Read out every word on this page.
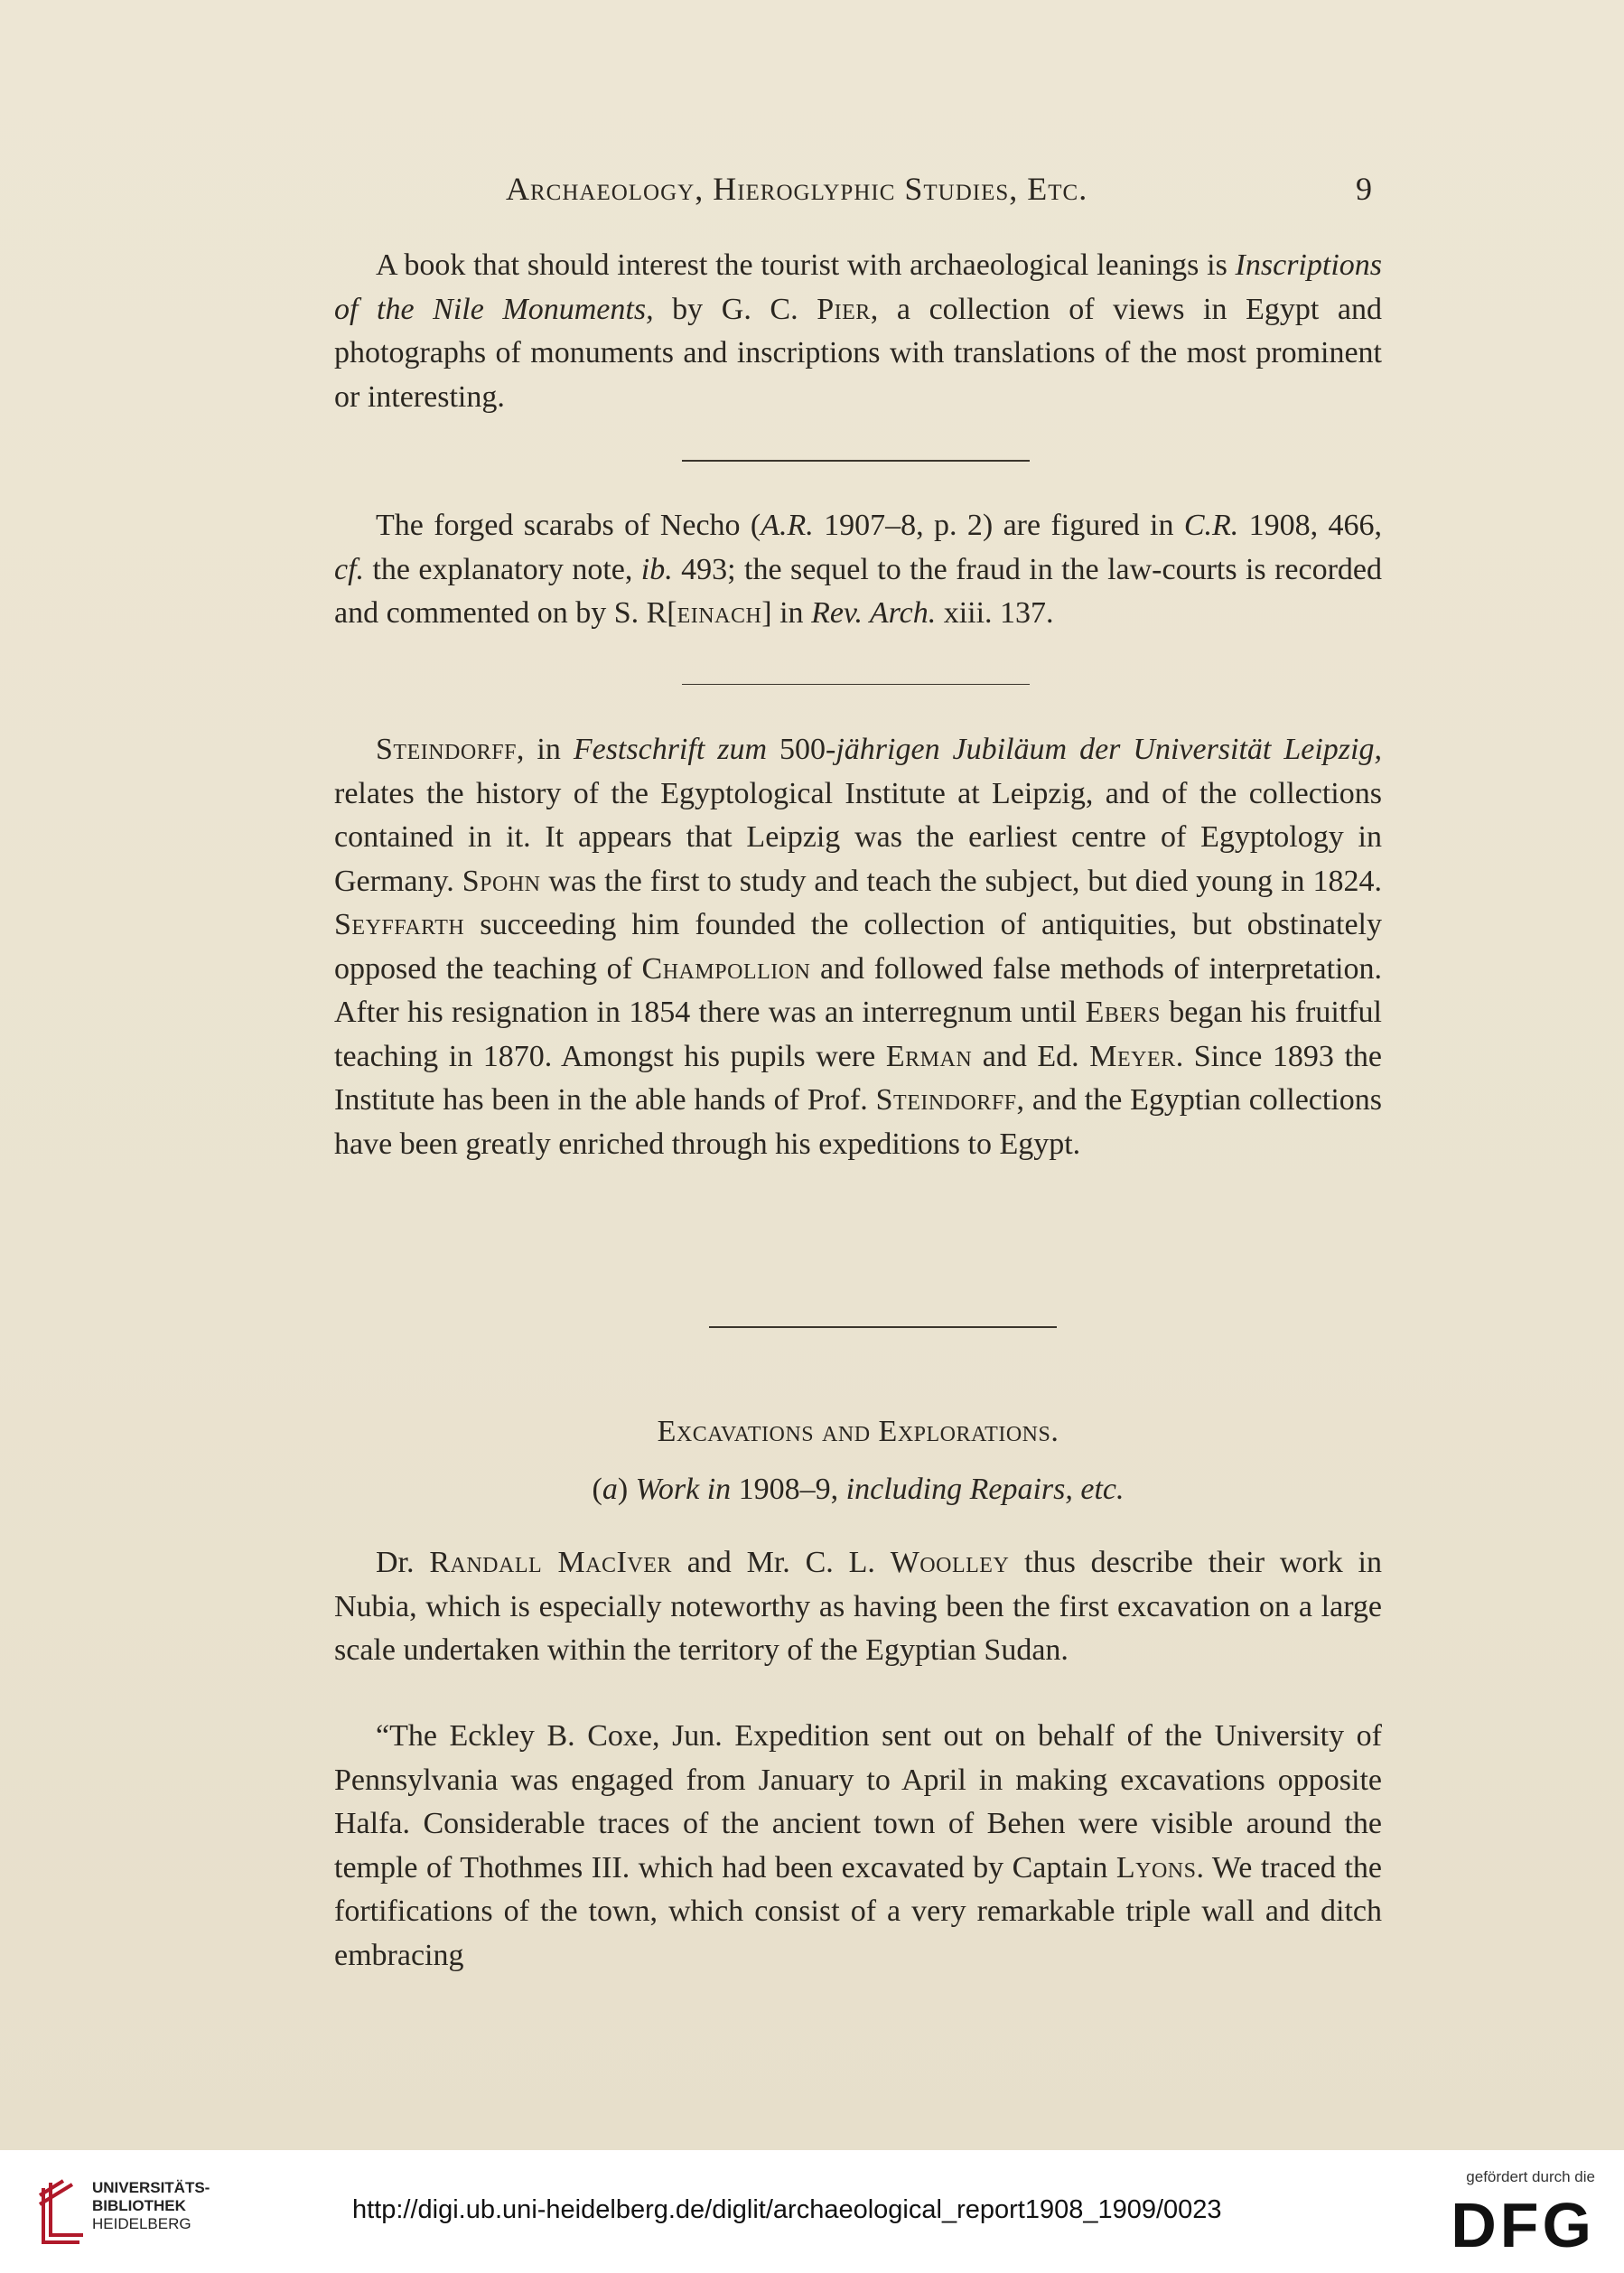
Archaeology, Hieroglyphic Studies, Etc.	9

A book that should interest the tourist with archaeological leanings is Inscriptions of the Nile Monuments, by G. C. Pier, a collection of views in Egypt and photographs of monuments and inscriptions with translations of the most prominent or interesting.

The forged scarabs of Necho (A.R. 1907–8, p. 2) are figured in C.R. 1908, 466, cf. the explanatory note, ib. 493; the sequel to the fraud in the law-courts is recorded and commented on by S. R[einach] in Rev. Arch. xiii. 137.

Steindorff, in Festschrift zum 500-jährigen Jubiläum der Universität Leipzig, relates the history of the Egyptological Institute at Leipzig, and of the collections contained in it. It appears that Leipzig was the earliest centre of Egyptology in Germany. Spohn was the first to study and teach the subject, but died young in 1824. Seyffarth succeeding him founded the collection of antiquities, but obstinately opposed the teaching of Champollion and followed false methods of interpretation. After his resignation in 1854 there was an interregnum until Ebers began his fruitful teaching in 1870. Amongst his pupils were Erman and Ed. Meyer. Since 1893 the Institute has been in the able hands of Prof. Steindorff, and the Egyptian collections have been greatly enriched through his expeditions to Egypt.

Excavations and Explorations.

(a) Work in 1908–9, including Repairs, etc.

Dr. Randall MacIver and Mr. C. L. Woolley thus describe their work in Nubia, which is especially noteworthy as having been the first excavation on a large scale undertaken within the territory of the Egyptian Sudan.

“The Eckley B. Coxe, Jun. Expedition sent out on behalf of the University of Pennsylvania was engaged from January to April in making excavations opposite Halfa. Considerable traces of the ancient town of Behen were visible around the temple of Thothmes III. which had been excavated by Captain Lyons. We traced the fortifications of the town, which consist of a very remarkable triple wall and ditch embracing

UNIVERSITÄTS-
BIBLIOTHEK
HEIDELBERG	http://digi.ub.uni-heidelberg.de/diglit/archaeological_report1908_1909/0023
gefördert durch die
DFG
